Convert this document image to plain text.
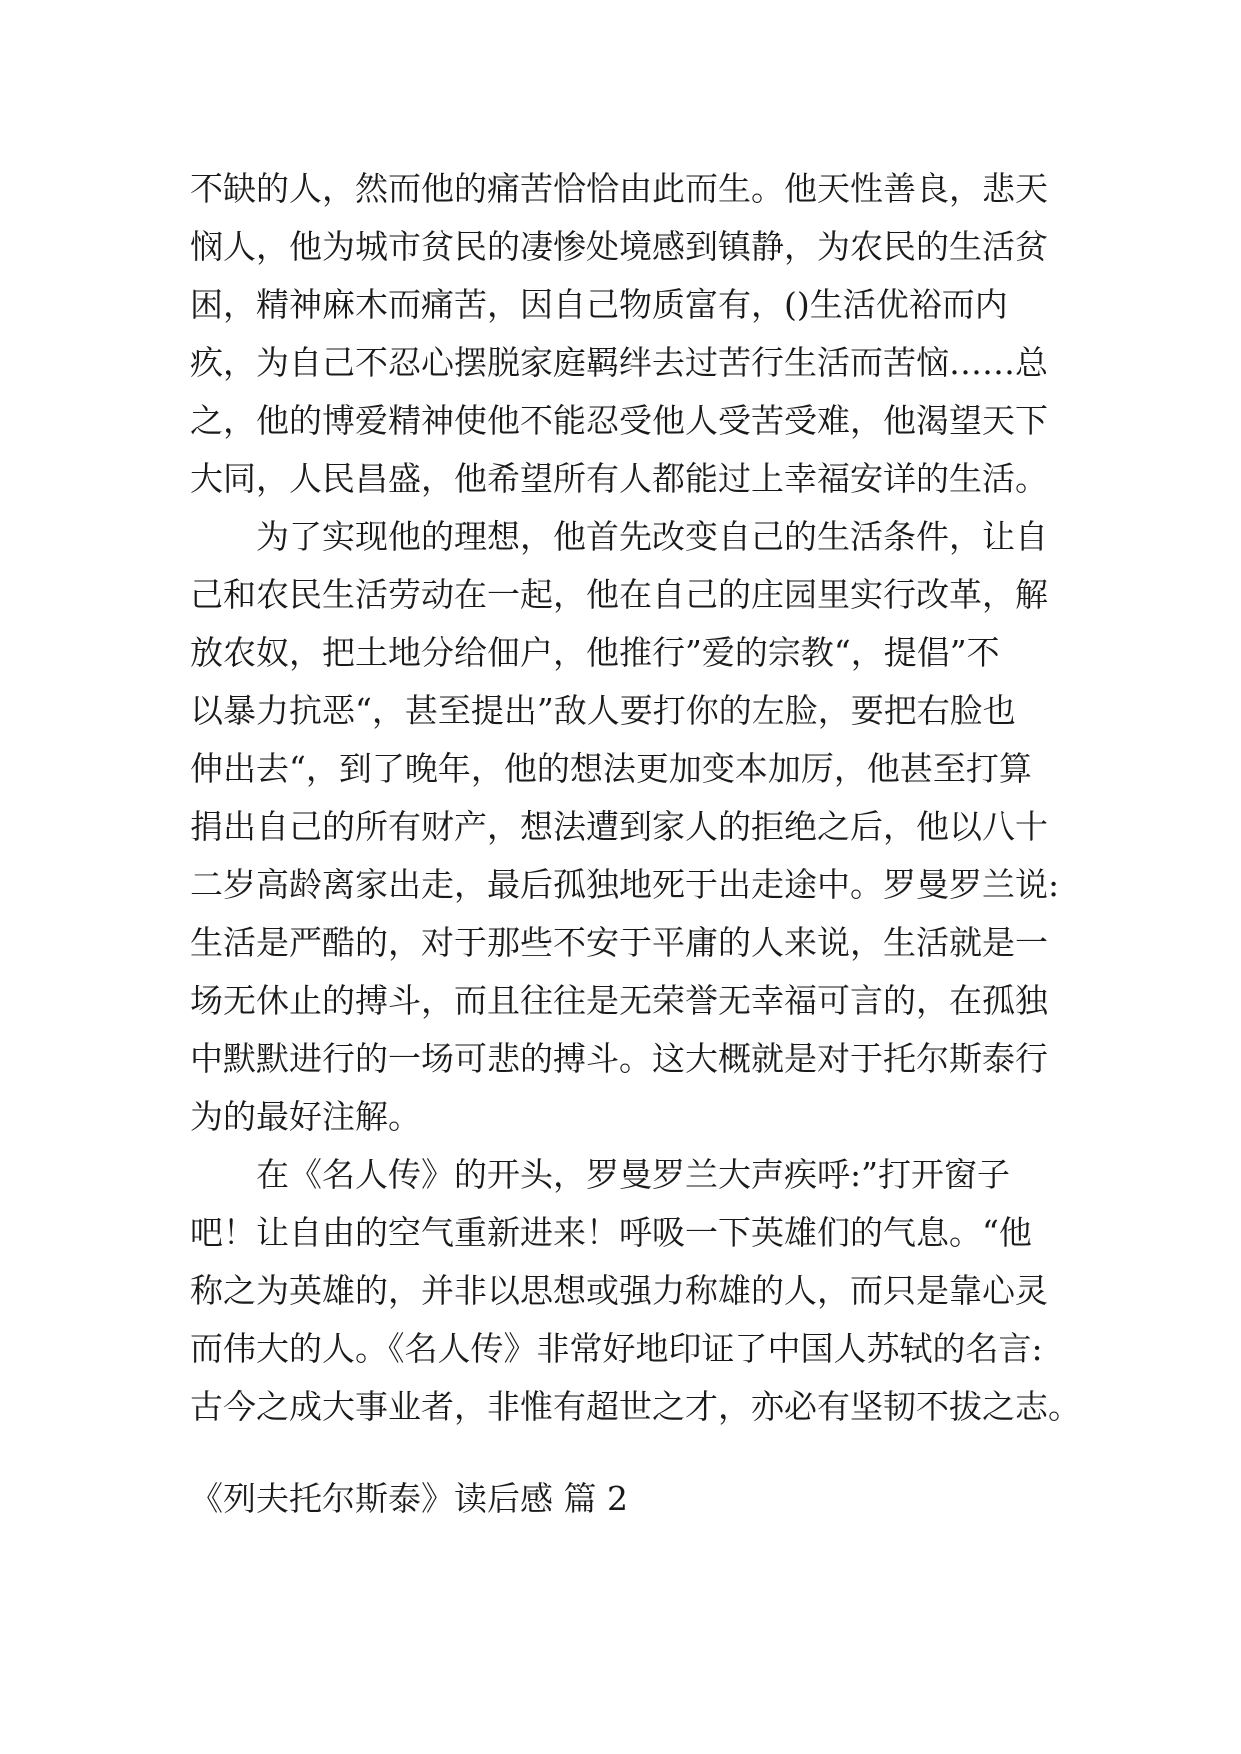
不缺的人，然而他的痛苦恰恰由此而生。他天性善良，悲天
悯人，他为城市贫民的凄惨处境感到镇静，为农民的生活贫
困，精神麻木而痛苦，因自己物质富有，()生活优裕而内
疚，为自己不忍心摆脱家庭羁绊去过苦行生活而苦恼……总
之，他的博爱精神使他不能忍受他人受苦受难，他渴望天下
大同，人民昌盛，他希望所有人都能过上幸福安详的生活。

为了实现他的理想，他首先改变自己的生活条件，让自
己和农民生活劳动在一起，他在自己的庄园里实行改革，解
放农奴，把土地分给佃户，他推行”爱的宗教“，提倡”不
以暴力抗恶“，甚至提出”敌人要打你的左脸，要把右脸也
伸出去“，到了晚年，他的想法更加变本加厉，他甚至打算
捐出自己的所有财产，想法遭到家人的拒绝之后，他以八十
二岁高龄离家出走，最后孤独地死于出走途中。罗曼罗兰说:
生活是严酷的，对于那些不安于平庸的人来说，生活就是一
场无休止的搏斗，而且往往是无荣誉无幸福可言的，在孤独
中默默进行的一场可悲的搏斗。这大概就是对于托尔斯泰行
为的最好注解。

在《名人传》的开头，罗曼罗兰大声疾呼:”打开窗子
吧！让自由的空气重新进来！呼吸一下英雄们的气息。“他
称之为英雄的，并非以思想或强力称雄的人，而只是靠心灵
而伟大的人。《名人传》非常好地印证了中国人苏轼的名言:
古今之成大事业者，非惟有超世之才，亦必有坚韧不拔之志。

《列夫托尔斯泰》读后感 篇 2
